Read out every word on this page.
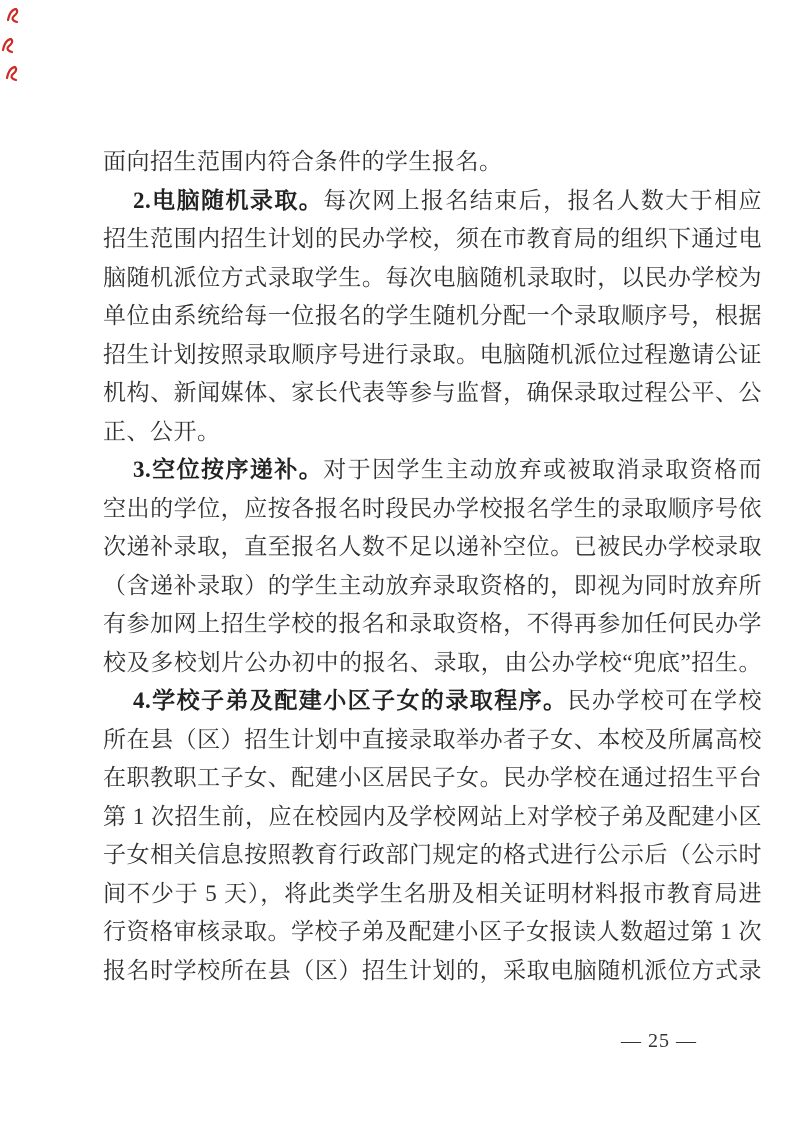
面向招生范围内符合条件的学生报名。
2.电脑随机录取。每次网上报名结束后，报名人数大于相应
招生范围内招生计划的民办学校，须在市教育局的组织下通过电
脑随机派位方式录取学生。每次电脑随机录取时，以民办学校为
单位由系统给每一位报名的学生随机分配一个录取顺序号，根据
招生计划按照录取顺序号进行录取。电脑随机派位过程邀请公证
机构、新闻媒体、家长代表等参与监督，确保录取过程公平、公
正、公开。
3.空位按序递补。对于因学生主动放弃或被取消录取资格而
空出的学位，应按各报名时段民办学校报名学生的录取顺序号依
次递补录取，直至报名人数不足以递补空位。已被民办学校录取
（含递补录取）的学生主动放弃录取资格的，即视为同时放弃所
有参加网上招生学校的报名和录取资格，不得再参加任何民办学
校及多校划片公办初中的报名、录取，由公办学校“兜底”招生。
4.学校子弟及配建小区子女的录取程序。民办学校可在学校
所在县（区）招生计划中直接录取举办者子女、本校及所属高校
在职教职工子女、配建小区居民子女。民办学校在通过招生平台
第 1 次招生前，应在校园内及学校网站上对学校子弟及配建小区
子女相关信息按照教育行政部门规定的格式进行公示后（公示时
间不少于 5 天），将此类学生名册及相关证明材料报市教育局进
行资格审核录取。学校子弟及配建小区子女报读人数超过第 1 次
报名时学校所在县（区）招生计划的，采取电脑随机派位方式录
— 25 —
